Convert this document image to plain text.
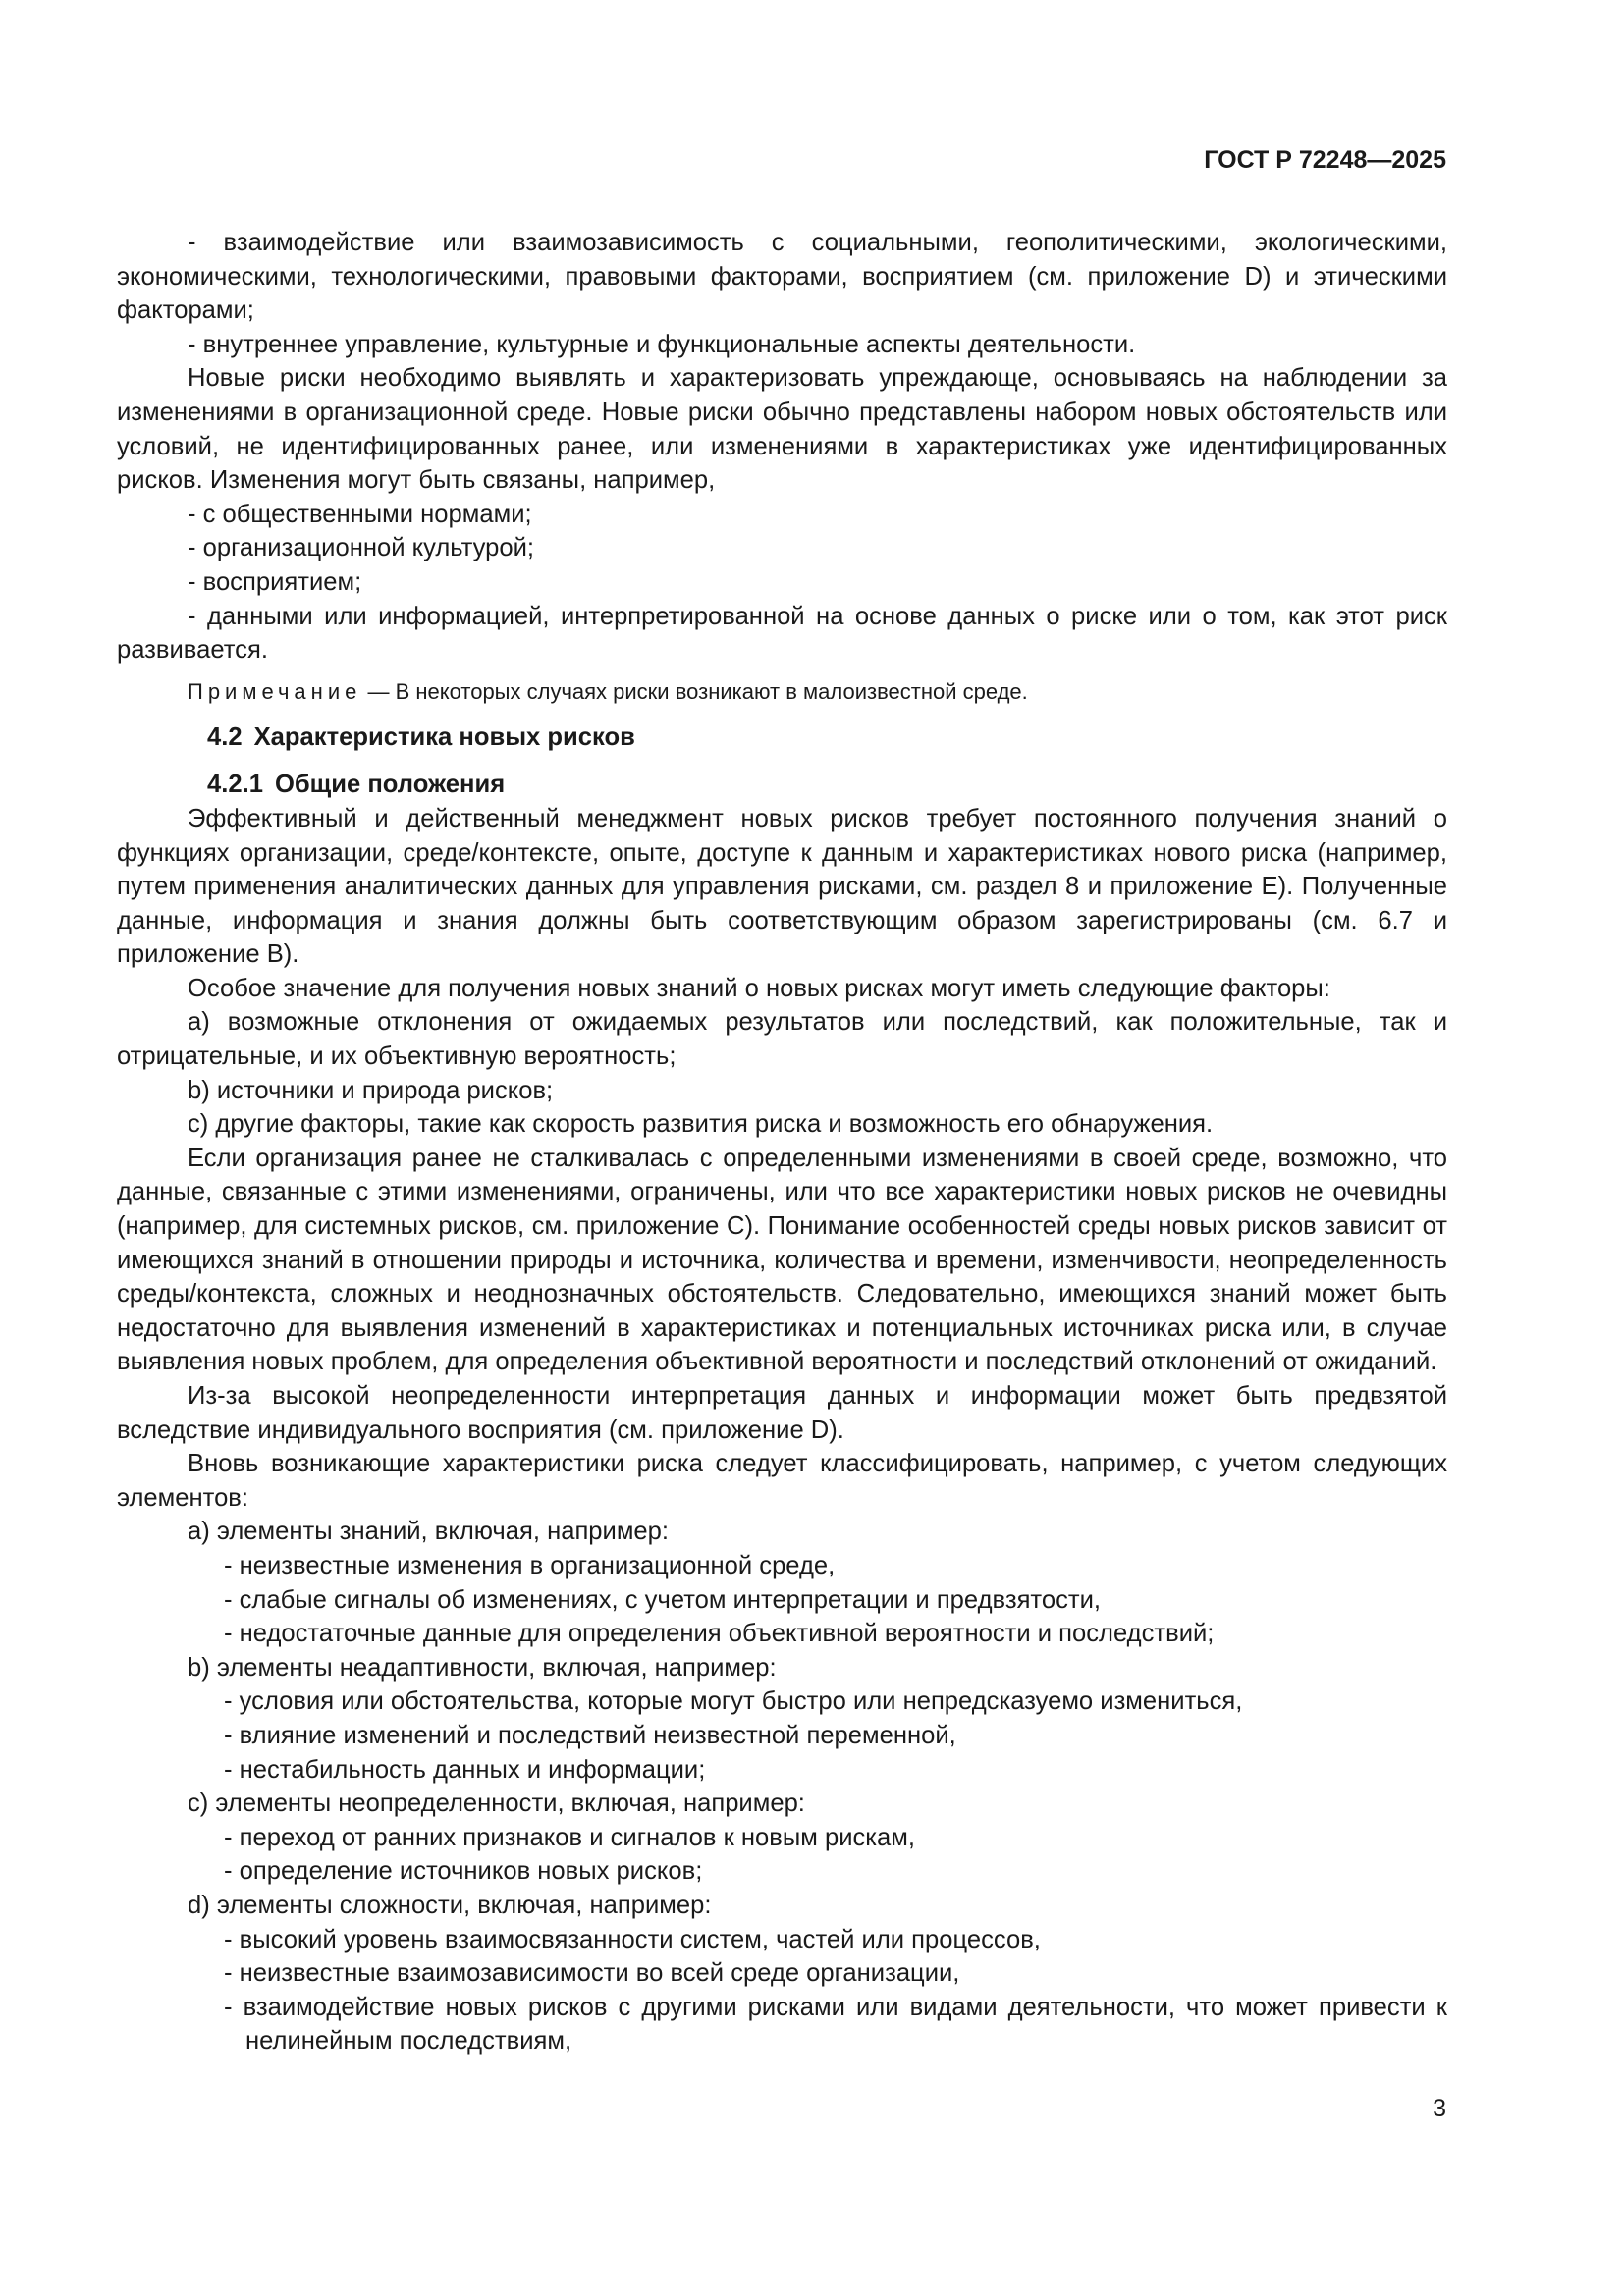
ГОСТ Р 72248—2025

- взаимодействие или взаимозависимость с социальными, геополитическими, экологическими, экономическими, технологическими, правовыми факторами, восприятием (см. приложение D) и этическими факторами;

- внутреннее управление, культурные и функциональные аспекты деятельности.

Новые риски необходимо выявлять и характеризовать упреждающе, основываясь на наблюдении за изменениями в организационной среде. Новые риски обычно представлены набором новых обстоятельств или условий, не идентифицированных ранее, или изменениями в характеристиках уже идентифицированных рисков. Изменения могут быть связаны, например,

- с общественными нормами;

- организационной культурой;

- восприятием;

- данными или информацией, интерпретированной на основе данных о риске или о том, как этот риск развивается.

Примечание — В некоторых случаях риски возникают в малоизвестной среде.

4.2 Характеристика новых рисков

4.2.1 Общие положения

Эффективный и действенный менеджмент новых рисков требует постоянного получения знаний о функциях организации, среде/контексте, опыте, доступе к данным и характеристиках нового риска (например, путем применения аналитических данных для управления рисками, см. раздел 8 и приложение E). Полученные данные, информация и знания должны быть соответствующим образом зарегистрированы (см. 6.7 и приложение B).

Особое значение для получения новых знаний о новых рисках могут иметь следующие факторы:

a) возможные отклонения от ожидаемых результатов или последствий, как положительные, так и отрицательные, и их объективную вероятность;

b) источники и природа рисков;

c) другие факторы, такие как скорость развития риска и возможность его обнаружения.

Если организация ранее не сталкивалась с определенными изменениями в своей среде, возможно, что данные, связанные с этими изменениями, ограничены, или что все характеристики новых рисков не очевидны (например, для системных рисков, см. приложение C). Понимание особенностей среды новых рисков зависит от имеющихся знаний в отношении природы и источника, количества и времени, изменчивости, неопределенность среды/контекста, сложных и неоднозначных обстоятельств. Следовательно, имеющихся знаний может быть недостаточно для выявления изменений в характеристиках и потенциальных источниках риска или, в случае выявления новых проблем, для определения объективной вероятности и последствий отклонений от ожиданий.

Из-за высокой неопределенности интерпретация данных и информации может быть предвзятой вследствие индивидуального восприятия (см. приложение D).

Вновь возникающие характеристики риска следует классифицировать, например, с учетом следующих элементов:

a) элементы знаний, включая, например:

- неизвестные изменения в организационной среде,

- слабые сигналы об изменениях, с учетом интерпретации и предвзятости,

- недостаточные данные для определения объективной вероятности и последствий;

b) элементы неадаптивности, включая, например:

- условия или обстоятельства, которые могут быстро или непредсказуемо измениться,

- влияние изменений и последствий неизвестной переменной,

- нестабильность данных и информации;

c) элементы неопределенности, включая, например:

- переход от ранних признаков и сигналов к новым рискам,

- определение источников новых рисков;

d) элементы сложности, включая, например:

- высокий уровень взаимосвязанности систем, частей или процессов,

- неизвестные взаимозависимости во всей среде организации,

- взаимодействие новых рисков с другими рисками или видами деятельности, что может привести к нелинейным последствиям,

3
